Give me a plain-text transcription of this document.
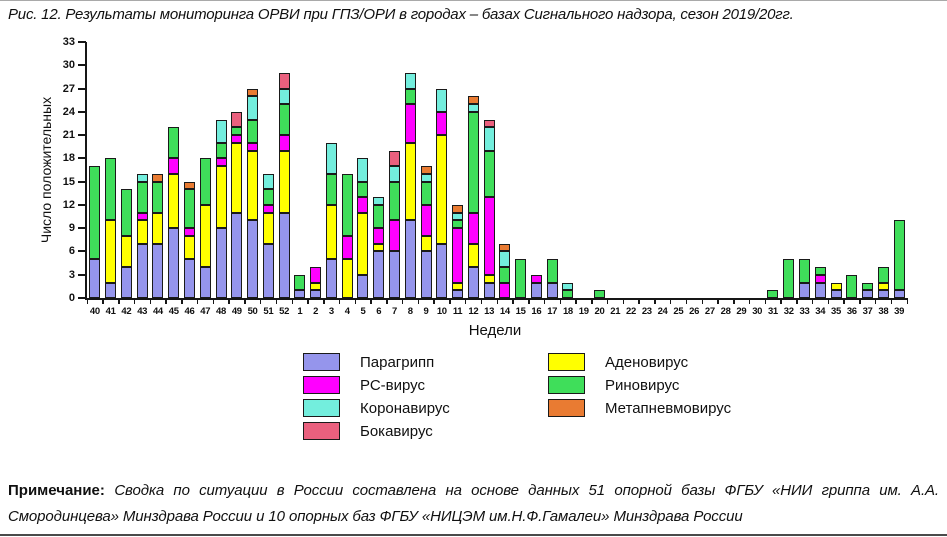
Рис. 12. Результаты мониторинга ОРВИ при ГПЗ/ОРИ в городах – базах Сигнального надзора, сезон 2019/20гг.
Число положительных
0
3
6
9
12
15
18
21
24
27
30
33
40 41 42 43 44 45 46 47 48 49 50 51 52 1	2	3	4	5	6	7	8	9 10 11 12 13 14 15 16 17 18 19 20 21 22 23 24 25 26 27 28 29 30 31 32 33 34 35 36 37 38 39
Недели
Парагрипп
РС-вирус
Коронавирус
Бокавирус
Аденовирус
Риновирус
Метапневмовирус
Примечание: Сводка по ситуации в России составлена на основе данных 51 опорной базы ФГБУ «НИИ гриппа им. А.А. Смородинцева» Минздрава России и 10 опорных баз ФГБУ «НИЦЭМ им.Н.Ф.Гамалеи» Минздрава России
